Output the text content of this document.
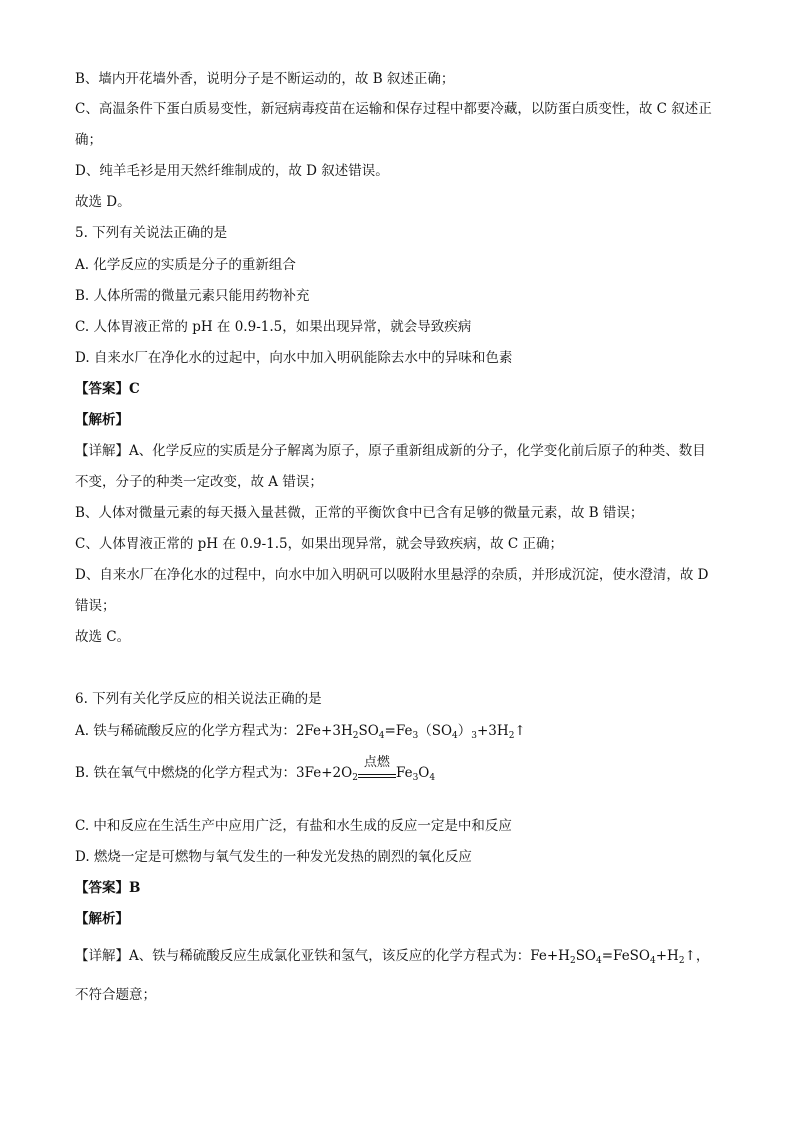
B、墙内开花墙外香，说明分子是不断运动的，故 B 叙述正确；
C、高温条件下蛋白质易变性，新冠病毒疫苗在运输和保存过程中都要冷藏，以防蛋白质变性，故 C 叙述正
确；
D、纯羊毛衫是用天然纤维制成的，故 D 叙述错误。
故选 D。
5. 下列有关说法正确的是
A. 化学反应的实质是分子的重新组合
B. 人体所需的微量元素只能用药物补充
C. 人体胃液正常的 pH 在 0.9-1.5，如果出现异常，就会导致疾病
D. 自来水厂在净化水的过起中，向水中加入明矾能除去水中的异味和色素
【答案】C
【解析】
【详解】A、化学反应的实质是分子解离为原子，原子重新组成新的分子，化学变化前后原子的种类、数目
不变，分子的种类一定改变，故 A 错误；
B、人体对微量元素的每天摄入量甚微，正常的平衡饮食中已含有足够的微量元素，故 B 错误；
C、人体胃液正常的 pH 在 0.9-1.5，如果出现异常，就会导致疾病，故 C 正确；
D、自来水厂在净化水的过程中，向水中加入明矾可以吸附水里悬浮的杂质，并形成沉淀，使水澄清，故 D
错误；
故选 C。
6. 下列有关化学反应的相关说法正确的是
A. 铁与稀硫酸反应的化学方程式为：$2Fe+3H_2SO_4=Fe_3(SO_4)_3+3H_2↑$
B. 铁在氧气中燃烧的化学方程式为：$3Fe+2O_2$
点燃
$Fe_3O_4$
C. 中和反应在生活生产中应用广泛，有盐和水生成的反应一定是中和反应
D. 燃烧一定是可燃物与氧气发生的一种发光发热的剧烈的氧化反应
【答案】B
【解析】
【详解】A、铁与稀硫酸反应生成氯化亚铁和氢气，该反应的化学方程式为：$Fe+H_2SO_4=FeSO_4+H_2↑$，
不符合题意；
